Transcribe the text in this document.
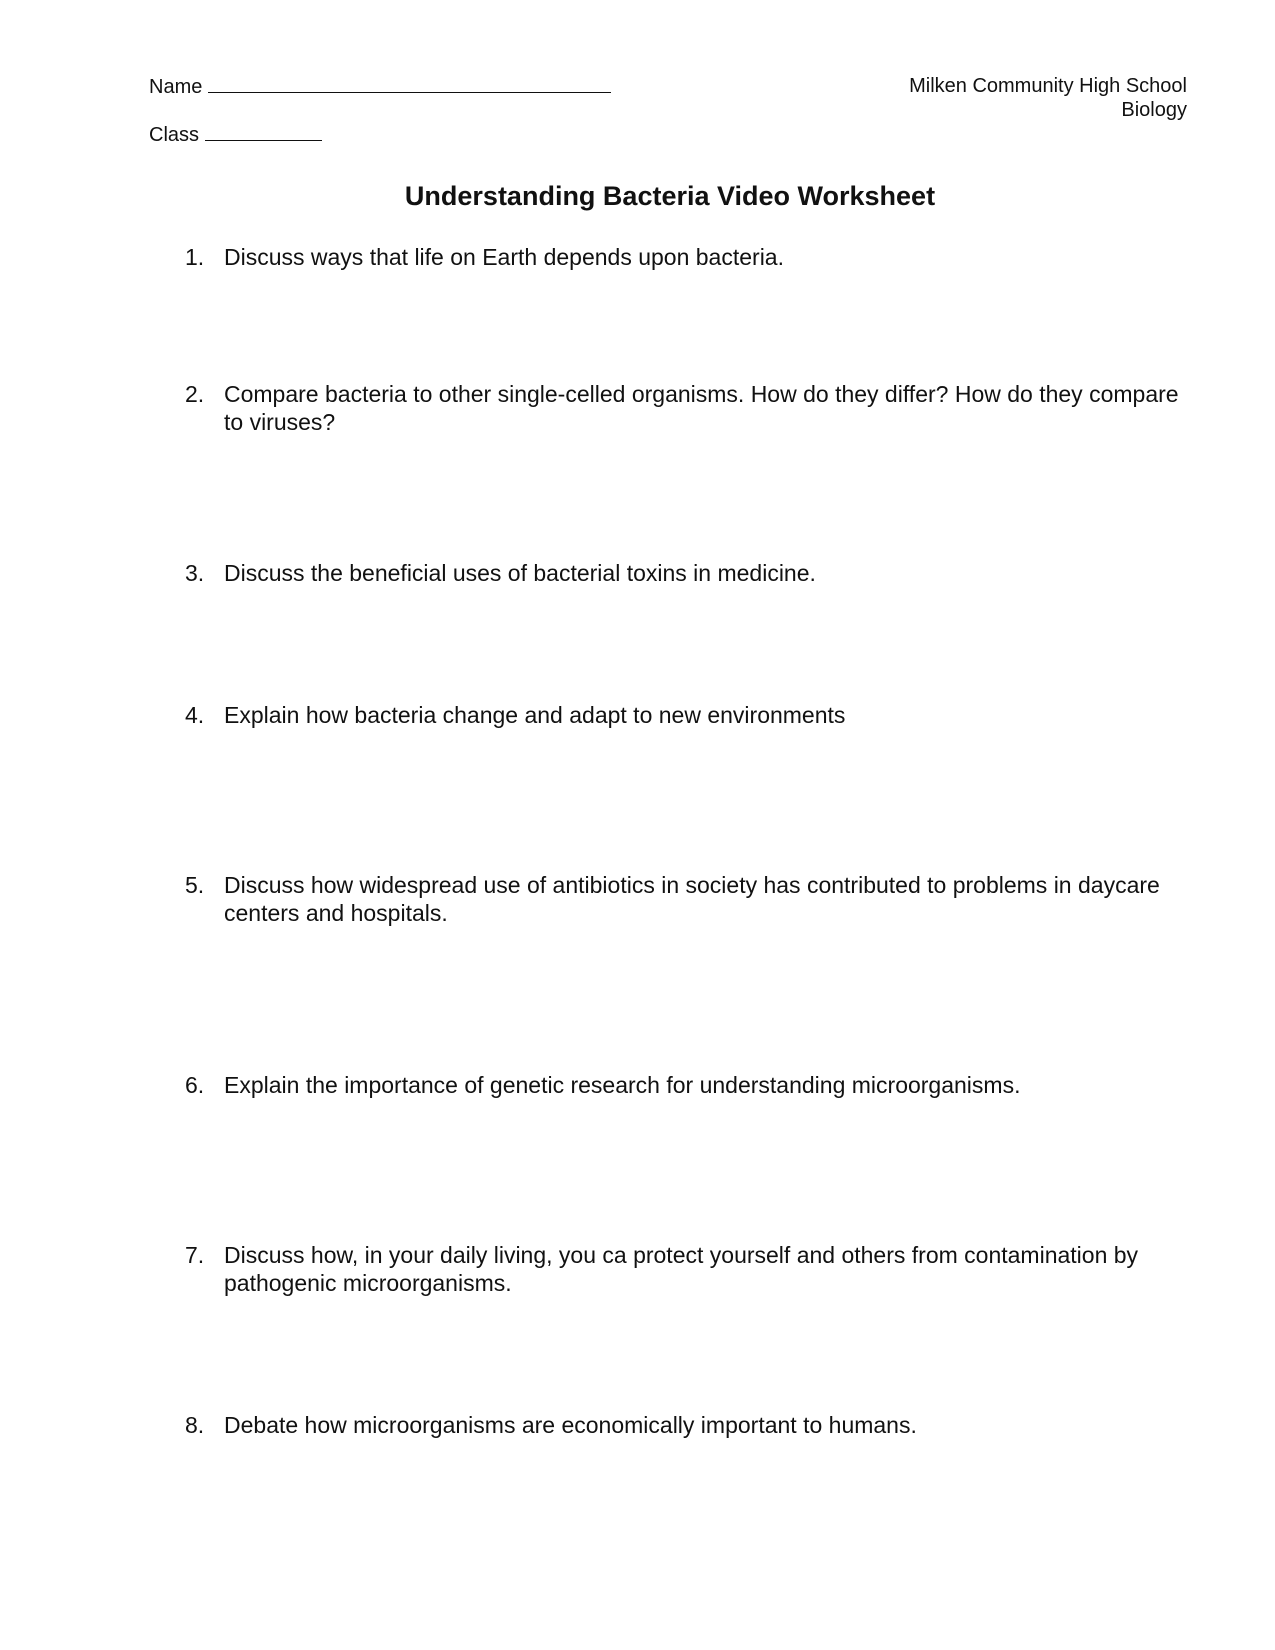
Name
Class
Milken Community High School
Biology
Understanding Bacteria Video Worksheet
1. Discuss ways that life on Earth depends upon bacteria.
2. Compare bacteria to other single-celled organisms. How do they differ? How do they compare to viruses?
3. Discuss the beneficial uses of bacterial toxins in medicine.
4. Explain how bacteria change and adapt to new environments
5. Discuss how widespread use of antibiotics in society has contributed to problems in daycare centers and hospitals.
6. Explain the importance of genetic research for understanding microorganisms.
7. Discuss how, in your daily living, you ca protect yourself and others from contamination by pathogenic microorganisms.
8. Debate how microorganisms are economically important to humans.
